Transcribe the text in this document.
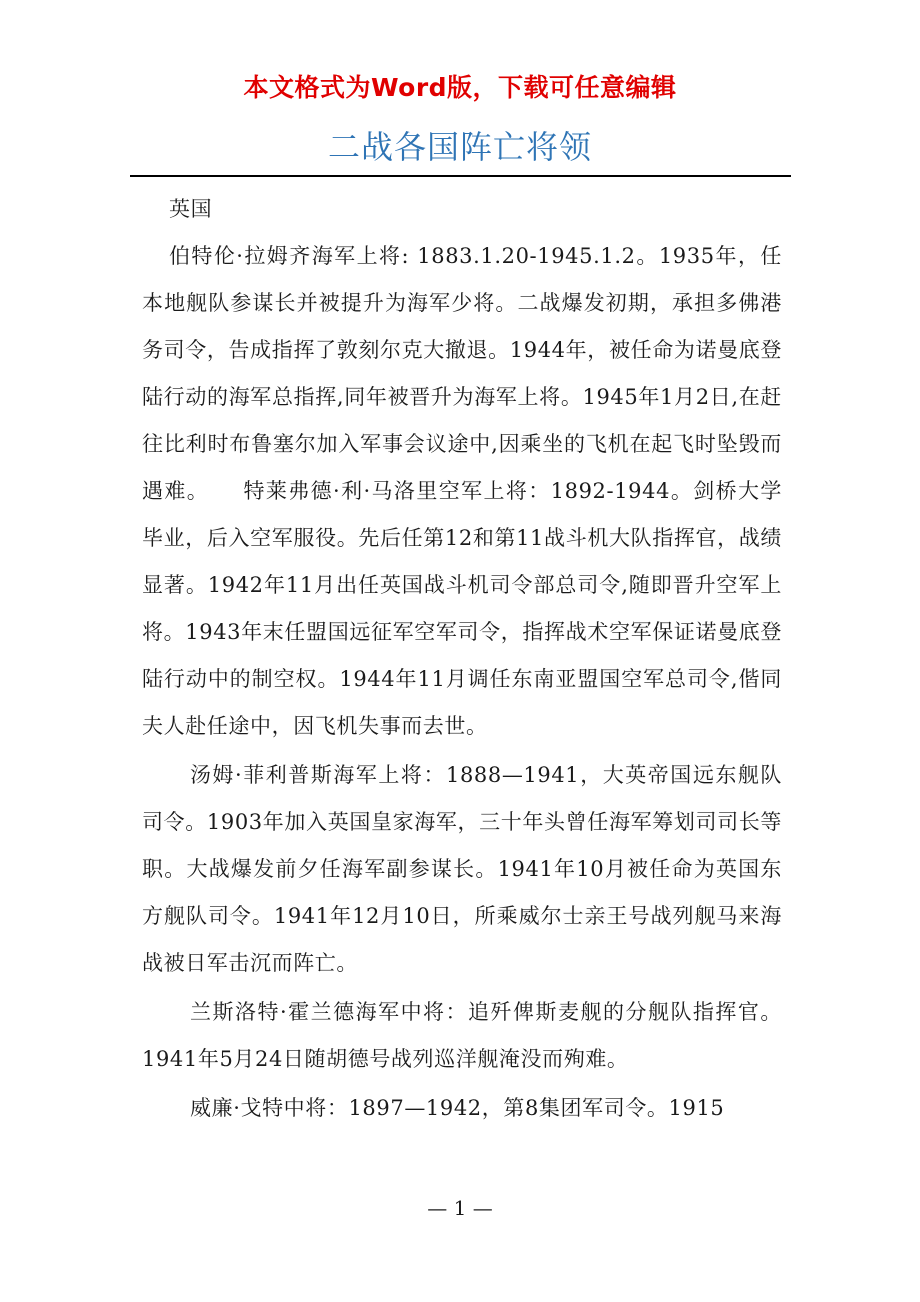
本文格式为Word版，下载可任意编辑
二战各国阵亡将领

英国

伯特伦·拉姆齐海军上将: 1883.1.20-1945.1.2。1935年，任本地舰队参谋长并被提升为海军少将。二战爆发初期，承担多佛港务司令，告成指挥了敦刻尔克大撤退。1944年，被任命为诺曼底登陆行动的海军总指挥,同年被晋升为海军上将。1945年1月2日,在赶往比利时布鲁塞尔加入军事会议途中,因乘坐的飞机在起飞时坠毁而遇难。　　特莱弗德·利·马洛里空军上将：1892-1944。剑桥大学毕业，后入空军服役。先后任第12和第11战斗机大队指挥官，战绩显著。1942年11月出任英国战斗机司令部总司令,随即晋升空军上将。1943年末任盟国远征军空军司令，指挥战术空军保证诺曼底登陆行动中的制空权。1944年11月调任东南亚盟国空军总司令,偕同夫人赴任途中，因飞机失事而去世。

汤姆·菲利普斯海军上将：1888—1941，大英帝国远东舰队司令。1903年加入英国皇家海军，三十年头曾任海军筹划司司长等职。大战爆发前夕任海军副参谋长。1941年10月被任命为英国东方舰队司令。1941年12月10日，所乘威尔士亲王号战列舰马来海战被日军击沉而阵亡。

兰斯洛特·霍兰德海军中将：追歼俾斯麦舰的分舰队指挥官。1941年5月24日随胡德号战列巡洋舰淹没而殉难。

威廉·戈特中将：1897—1942，第8集团军司令。1915

— 1 —
